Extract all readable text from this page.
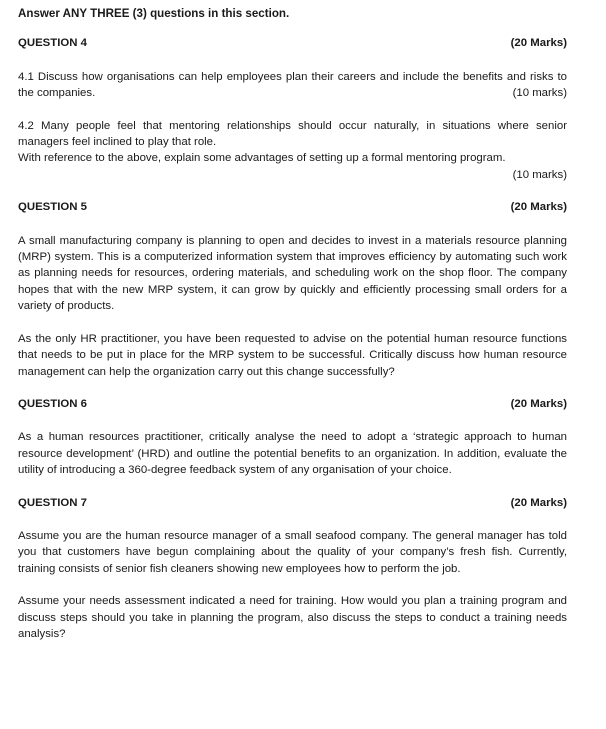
Answer ANY THREE (3) questions in this section.

QUESTION 4	(20 Marks)

4.1 Discuss how organisations can help employees plan their careers and include the benefits and risks to the companies.	(10 marks)

4.2 Many people feel that mentoring relationships should occur naturally, in situations where senior managers feel inclined to play that role.

With reference to the above, explain some advantages of setting up a formal mentoring program.

(10 marks)

QUESTION 5	(20 Marks)

A small manufacturing company is planning to open and decides to invest in a materials resource planning (MRP) system. This is a computerized information system that improves efficiency by automating such work as planning needs for resources, ordering materials, and scheduling work on the shop floor. The company hopes that with the new MRP system, it can grow by quickly and efficiently processing small orders for a variety of products.

As the only HR practitioner, you have been requested to advise on the potential human resource functions that needs to be put in place for the MRP system to be successful. Critically discuss how human resource management can help the organization carry out this change successfully?

QUESTION 6	(20 Marks)

As a human resources practitioner, critically analyse the need to adopt a ‘strategic approach to human resource development’ (HRD) and outline the potential benefits to an organization. In addition, evaluate the utility of introducing a 360-degree feedback system of any organisation of your choice.

QUESTION 7	(20 Marks)

Assume you are the human resource manager of a small seafood company. The general manager has told you that customers have begun complaining about the quality of your company’s fresh fish. Currently, training consists of senior fish cleaners showing new employees how to perform the job.

Assume your needs assessment indicated a need for training. How would you plan a training program and discuss steps should you take in planning the program, also discuss the steps to conduct a training needs analysis?
